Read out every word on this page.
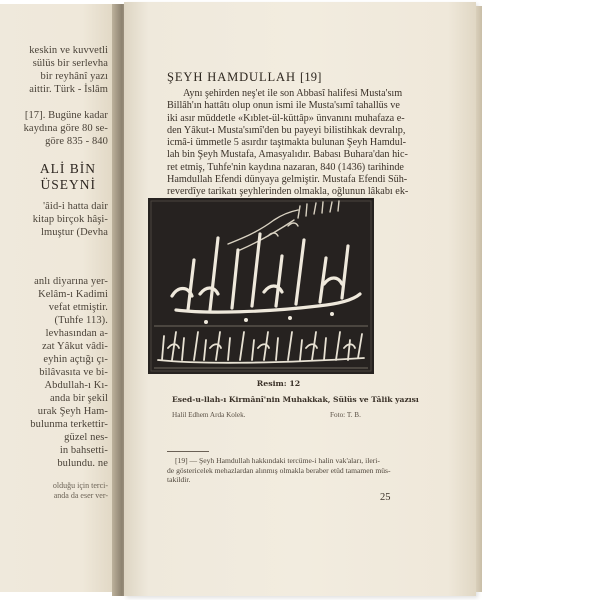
keskin ve kuvvetli
sülüs bir serlevha
bir reyhânî yazı
aittir. Türk - İslâm
[17]. Bugüne kadar
kaydına göre 80 se-
göre 835 - 840
ALİ BİN
ÜSEYNİ
'âid-i hatta dair
kitap birçok hâşi-
lmuştur (Devha
anlı diyarına yer-
Kelâm-ı Kadimi
vefat etmiştir.
(Tuhfe 113).
levhasından a-
zat Yâkut vâdi-
eyhin açtığı çı-
bilâvasıta ve bi-
Abdullah-ı Kı-
anda bir şekil
urak Şeyh Ham-
bulunma terkettir-
güzel nes-
in bahsetti-
bulundu. ne
olduğu için terci-
anda da eser ver-
ŞEYH HAMDULLAH [19]
Aynı şehirden neş'et ile son Abbasî halifesi Musta'sım
Billâh'ın hattâtı olup onun ismi ile Musta'sımî tahallüs ve
iki asır müddetle «Kıblet-ül-küttâp» ünvanını muhafaza e-
den Yâkut-ı Musta'sımî'den bu payeyi bilistihkak devralıp,
icmâ-i ümmetle 5 asırdır taştmakta bulunan Şeyh Hamdul-
lah bin Şeyh Mustafa, Amasyalıdır. Babası Buhara'dan hic-
ret etmiş, Tuhfe'nin kaydına nazaran, 840 (1436) tarihinde
Hamdullah Efendi dünyaya gelmiştir. Mustafa Efendi Süh-
reverdîye tarikatı şeyhlerinden olmakla, oğlunun lâkabı ek-
Resim: 12
Esed-u-llah-ı Kirmânî'nin Muhakkak, Sülüs ve Tâlik yazısı
Halil Edhem Arda Kolek.	Foto: T. B.
[19] — Şeyh Hamdullah hakkındaki tercüme-i halin vak'aları, ileri-
de göstericelek mehazlardan alınmış olmakla beraber etüd tamamen müs-
takildir.
25
